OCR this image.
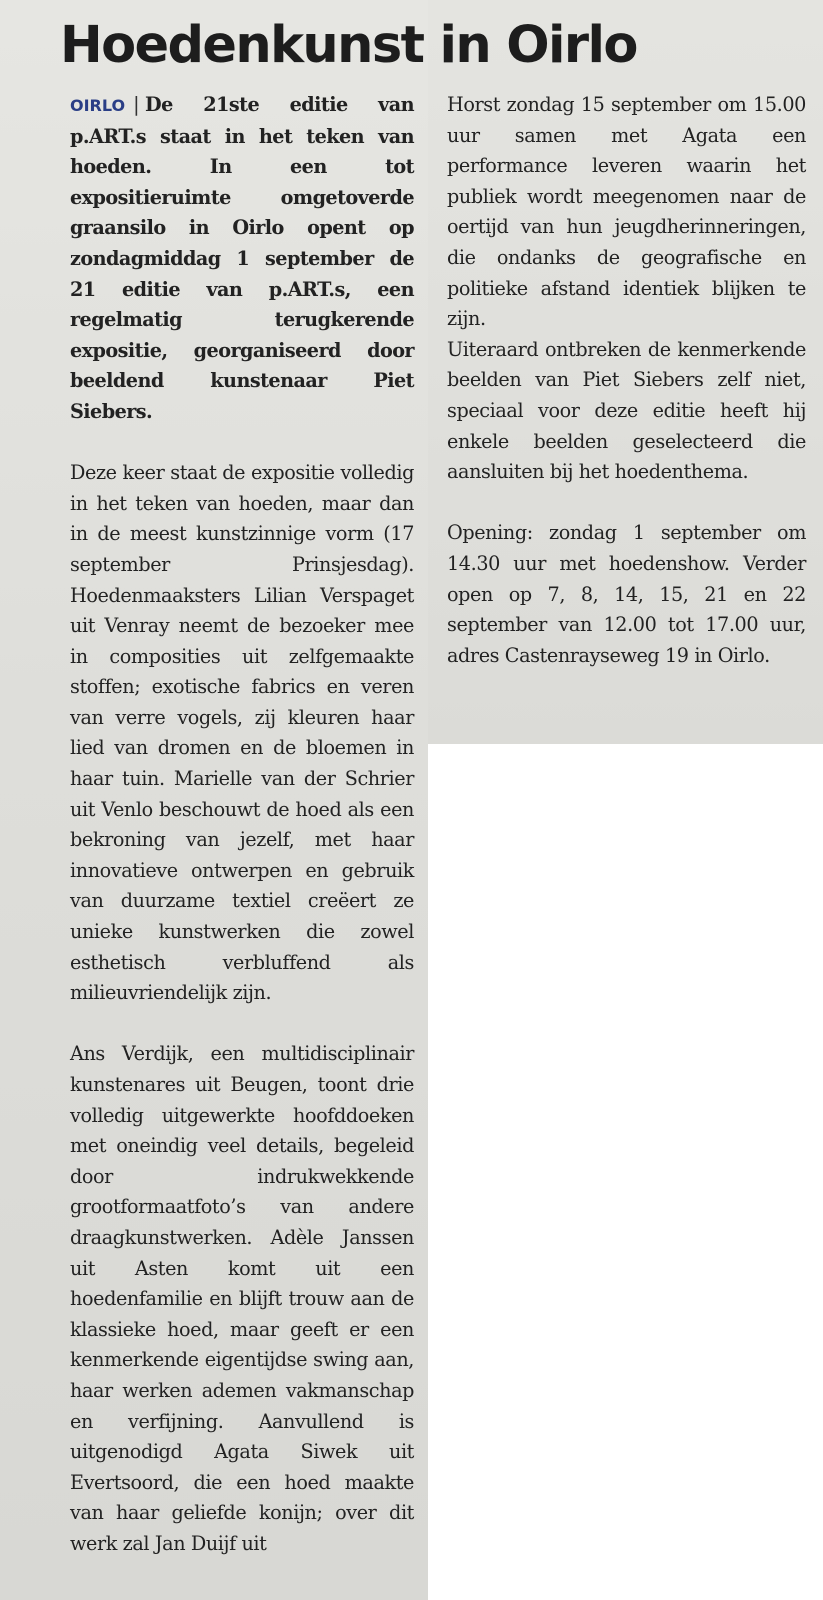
Hoedenkunst in Oirlo

OIRLO | De 21ste editie van p.ART.s staat in het teken van hoeden. In een tot expositieruimte omgetoverde graansilo in Oirlo opent op zondagmiddag 1 september de 21 editie van p.ART.s, een regelmatig terugkerende expositie, georganiseerd door beeldend kunstenaar Piet Siebers.

Deze keer staat de expositie volledig in het teken van hoeden, maar dan in de meest kunstzinnige vorm (17 september Prinsjesdag). Hoedenmaaksters Lilian Verspaget uit Venray neemt de bezoeker mee in composities uit zelfgemaakte stoffen; exotische fabrics en veren van verre vogels, zij kleuren haar lied van dromen en de bloemen in haar tuin. Marielle van der Schrier uit Venlo beschouwt de hoed als een bekroning van jezelf, met haar innovatieve ontwerpen en gebruik van duurzame textiel creëert ze unieke kunstwerken die zowel esthetisch verbluffend als milieuvriendelijk zijn.

Ans Verdijk, een multidisciplinair kunstenares uit Beugen, toont drie volledig uitgewerkte hoofddoeken met oneindig veel details, begeleid door indrukwekkende grootformaatfoto’s van andere draagkunstwerken. Adèle Janssen uit Asten komt uit een hoedenfamilie en blijft trouw aan de klassieke hoed, maar geeft er een kenmerkende eigentijdse swing aan, haar werken ademen vakmanschap en verfijning. Aanvullend is uitgenodigd Agata Siwek uit Evertsoord, die een hoed maakte van haar geliefde konijn; over dit werk zal Jan Duijf uit

Horst zondag 15 september om 15.00 uur samen met Agata een performance leveren waarin het publiek wordt meegenomen naar de oertijd van hun jeugdherinneringen, die ondanks de geografische en politieke afstand identiek blijken te zijn.

Uiteraard ontbreken de kenmerkende beelden van Piet Siebers zelf niet, speciaal voor deze editie heeft hij enkele beelden geselecteerd die aansluiten bij het hoedenthema.

Opening: zondag 1 september om 14.30 uur met hoedenshow. Verder open op 7, 8, 14, 15, 21 en 22 september van 12.00 tot 17.00 uur, adres Castenrayseweg 19 in Oirlo.
